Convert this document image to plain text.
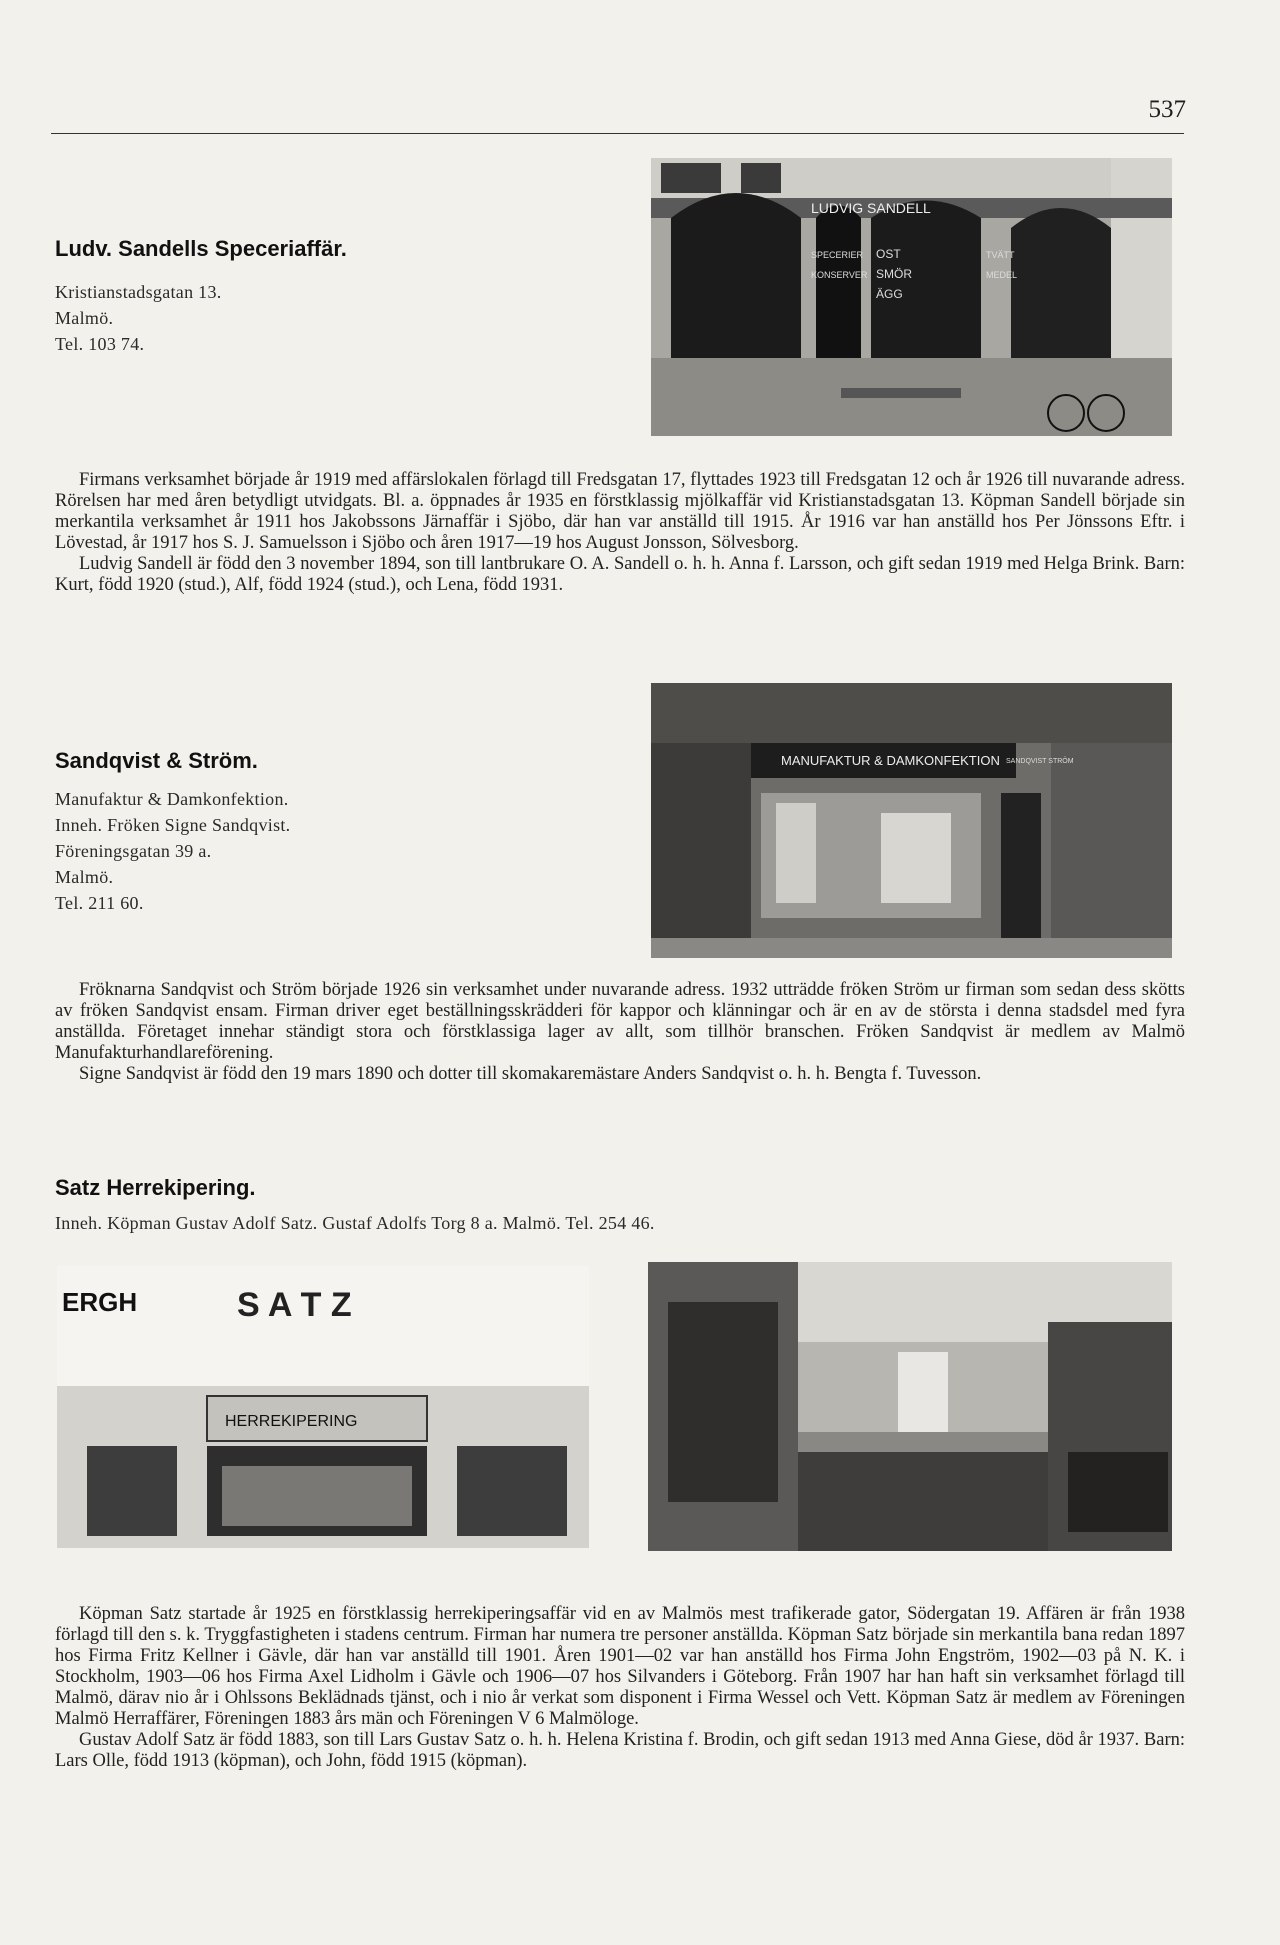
537
Ludv. Sandells Speceriaffär.
Kristianstadsgatan 13.
Malmö.
Tel. 103 74.
LUDVIG SANDELL
SPECERIER
KONSERVER
OST
SMÖR
ÄGG
TVÄTT
MEDEL

Firmans verksamhet började år 1919 med affärslokalen förlagd till Fredsgatan 17, flyttades 1923 till Fredsgatan 12 och år 1926 till nuvarande adress. Rörelsen har med åren betydligt utvidgats. Bl. a. öppnades år 1935 en förstklassig mjölkaffär vid Kristianstadsgatan 13. Köpman Sandell började sin merkantila verksamhet år 1911 hos Jakobssons Järnaffär i Sjöbo, där han var anställd till 1915. År 1916 var han anställd hos Per Jönssons Eftr. i Lövestad, år 1917 hos S. J. Samuelsson i Sjöbo och åren 1917—19 hos August Jonsson, Sölvesborg.

Ludvig Sandell är född den 3 november 1894, son till lantbrukare O. A. Sandell o. h. h. Anna f. Larsson, och gift sedan 1919 med Helga Brink. Barn: Kurt, född 1920 (stud.), Alf, född 1924 (stud.), och Lena, född 1931.

Sandqvist & Ström.
Manufaktur & Damkonfektion.
Inneh. Fröken Signe Sandqvist.
Föreningsgatan 39 a.
Malmö.
Tel. 211 60.
MANUFAKTUR & DAMKONFEKTION SANDQVIST STRÖM

Fröknarna Sandqvist och Ström började 1926 sin verksamhet under nuvarande adress. 1932 utträdde fröken Ström ur firman som sedan dess skötts av fröken Sandqvist ensam. Firman driver eget beställningsskrädderi för kappor och klänningar och är en av de största i denna stadsdel med fyra anställda. Företaget innehar ständigt stora och förstklassiga lager av allt, som tillhör branschen. Fröken Sandqvist är medlem av Malmö Manufakturhandlareförening.

Signe Sandqvist är född den 19 mars 1890 och dotter till skomakaremästare Anders Sandqvist o. h. h. Bengta f. Tuvesson.

Satz Herrekipering.
Inneh. Köpman Gustav Adolf Satz. Gustaf Adolfs Torg 8 a. Malmö. Tel. 254 46.
ERGH	S A T Z
HERREKIPERING

Köpman Satz startade år 1925 en förstklassig herrekiperingsaffär vid en av Malmös mest trafikerade gator, Södergatan 19. Affären är från 1938 förlagd till den s. k. Tryggfastigheten i stadens centrum. Firman har numera tre personer anställda. Köpman Satz började sin merkantila bana redan 1897 hos Firma Fritz Kellner i Gävle, där han var anställd till 1901. Åren 1901—02 var han anställd hos Firma John Engström, 1902—03 på N. K. i Stockholm, 1903—06 hos Firma Axel Lidholm i Gävle och 1906—07 hos Silvanders i Göteborg. Från 1907 har han haft sin verksamhet förlagd till Malmö, därav nio år i Ohlssons Beklädnads tjänst, och i nio år verkat som disponent i Firma Wessel och Vett. Köpman Satz är medlem av Föreningen Malmö Herraffärer, Föreningen 1883 års män och Föreningen V 6 Malmöloge.

Gustav Adolf Satz är född 1883, son till Lars Gustav Satz o. h. h. Helena Kristina f. Brodin, och gift sedan 1913 med Anna Giese, död år 1937. Barn: Lars Olle, född 1913 (köpman), och John, född 1915 (köpman).
